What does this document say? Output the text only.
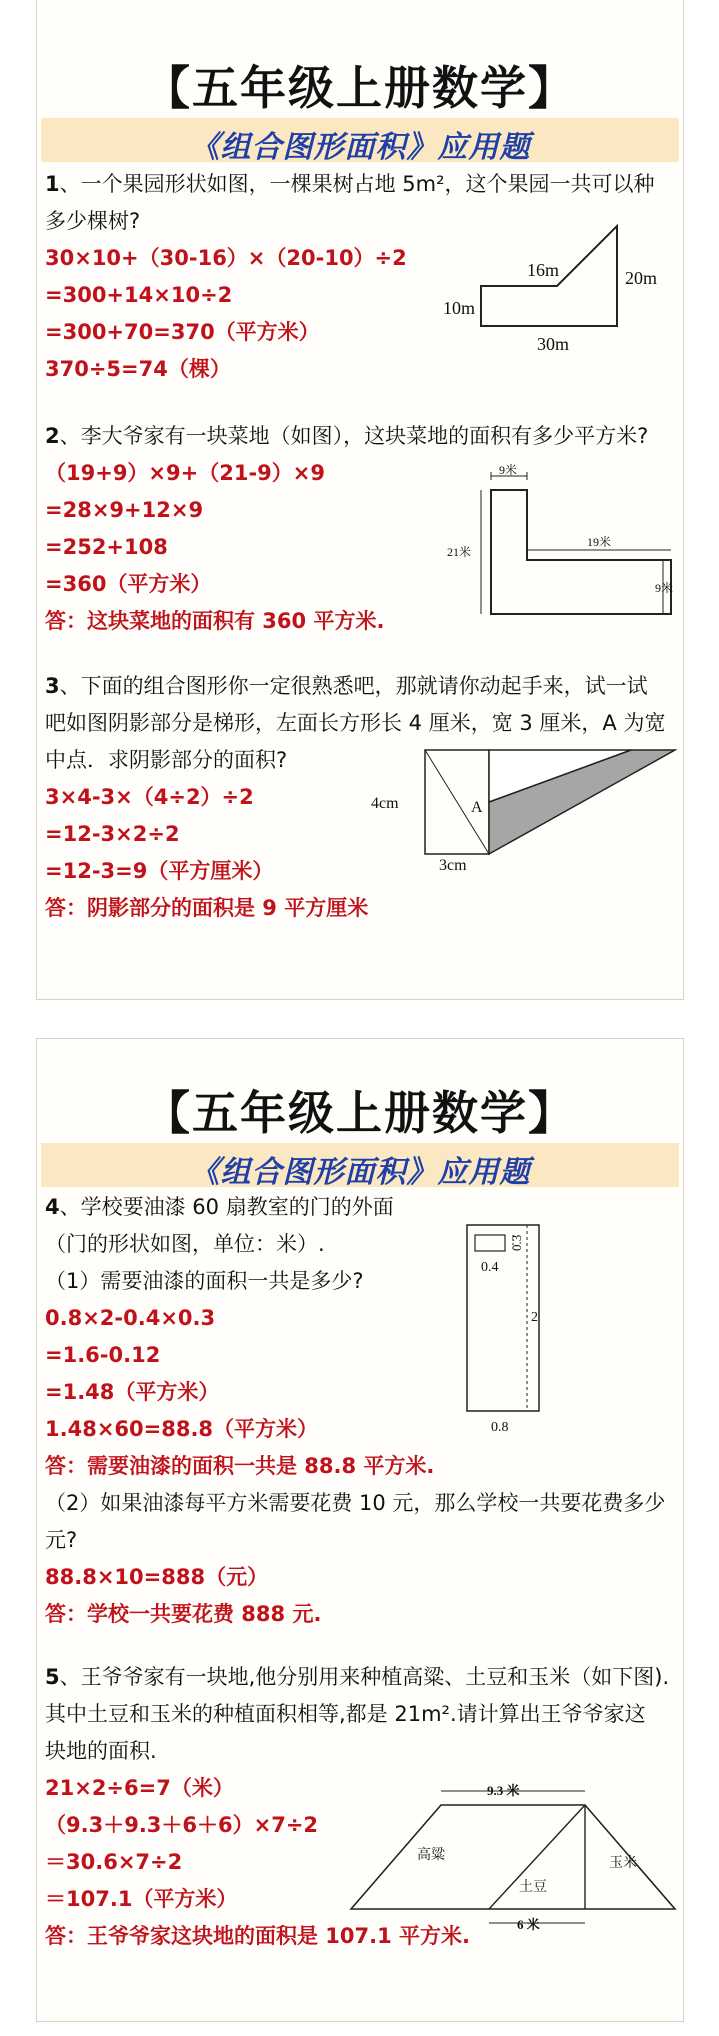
【五年级上册数学】
《组合图形面积》应用题
1、一个果园形状如图，一棵果树占地 5m²，这个果园一共可以种
多少棵树?
30×10+（30-16）×（20-10）÷2
=300+14×10÷2
=300+70=370（平方米）
370÷5=74（棵）
16m	20m
10m
30m
2、李大爷家有一块菜地（如图），这块菜地的面积有多少平方米?
（19+9）×9+（21-9）×9
=28×9+12×9
=252+108
=360（平方米）
答：这块菜地的面积有 360 平方米.
9米
21米
19米
9米
3、下面的组合图形你一定很熟悉吧，那就请你动起手来，试一试
吧如图阴影部分是梯形，左面长方形长 4 厘米，宽 3 厘米，A 为宽
中点．求阴影部分的面积?
3×4-3×（4÷2）÷2
=12-3×2÷2
=12-3=9（平方厘米）
答：阴影部分的面积是 9 平方厘米
4cm	A
3cm
【五年级上册数学】
《组合图形面积》应用题
4、学校要油漆 60 扇教室的门的外面
（门的形状如图，单位：米）.
（1）需要油漆的面积一共是多少?
0.8×2-0.4×0.3
=1.6-0.12
=1.48（平方米）
1.48×60=88.8（平方米）
答：需要油漆的面积一共是 88.8 平方米.
（2）如果油漆每平方米需要花费 10 元，那么学校一共要花费多少
元?
88.8×10=888（元）
答：学校一共要花费 888 元.
0.4
0.3
2
0.8
5、王爷爷家有一块地,他分别用来种植高粱、土豆和玉米（如下图).
其中土豆和玉米的种植面积相等,都是 21m².请计算出王爷爷家这
块地的面积.
21×2÷6=7（米）
（9.3＋9.3＋6＋6）×7÷2
＝30.6×7÷2
＝107.1（平方米）
答：王爷爷家这块地的面积是 107.1 平方米.
9.3 米
高粱
土豆
玉米
6 米
